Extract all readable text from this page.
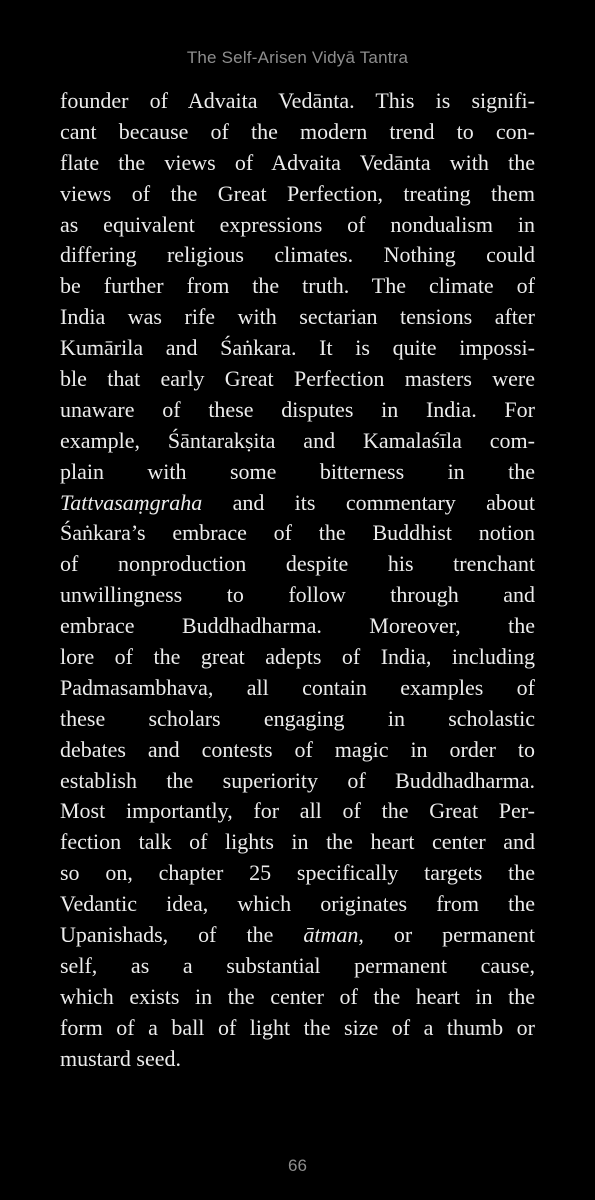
The Self-Arisen Vidyā Tantra
founder of Advaita Vedānta. This is signifi-
cant because of the modern trend to con-
flate the views of Advaita Vedānta with the
views of the Great Perfection, treating them
as equivalent expressions of nondualism in
differing religious climates. Nothing could
be further from the truth. The climate of
India was rife with sectarian tensions after
Kumārila and Śaṅkara. It is quite impossi-
ble that early Great Perfection masters were
unaware of these disputes in India. For
example, Śāntarakṣita and Kamalaśīla com-
plain with some bitterness in the
Tattvasaṃgraha and its commentary about
Śaṅkara’s embrace of the Buddhist notion
of nonproduction despite his trenchant
unwillingness to follow through and
embrace Buddhadharma. Moreover, the
lore of the great adepts of India, including
Padmasambhava, all contain examples of
these scholars engaging in scholastic
debates and contests of magic in order to
establish the superiority of Buddhadharma.
Most importantly, for all of the Great Per-
fection talk of lights in the heart center and
so on, chapter 25 specifically targets the
Vedantic idea, which originates from the
Upanishads, of the ātman, or permanent
self, as a substantial permanent cause,
which exists in the center of the heart in the
form of a ball of light the size of a thumb or
mustard seed.
66
